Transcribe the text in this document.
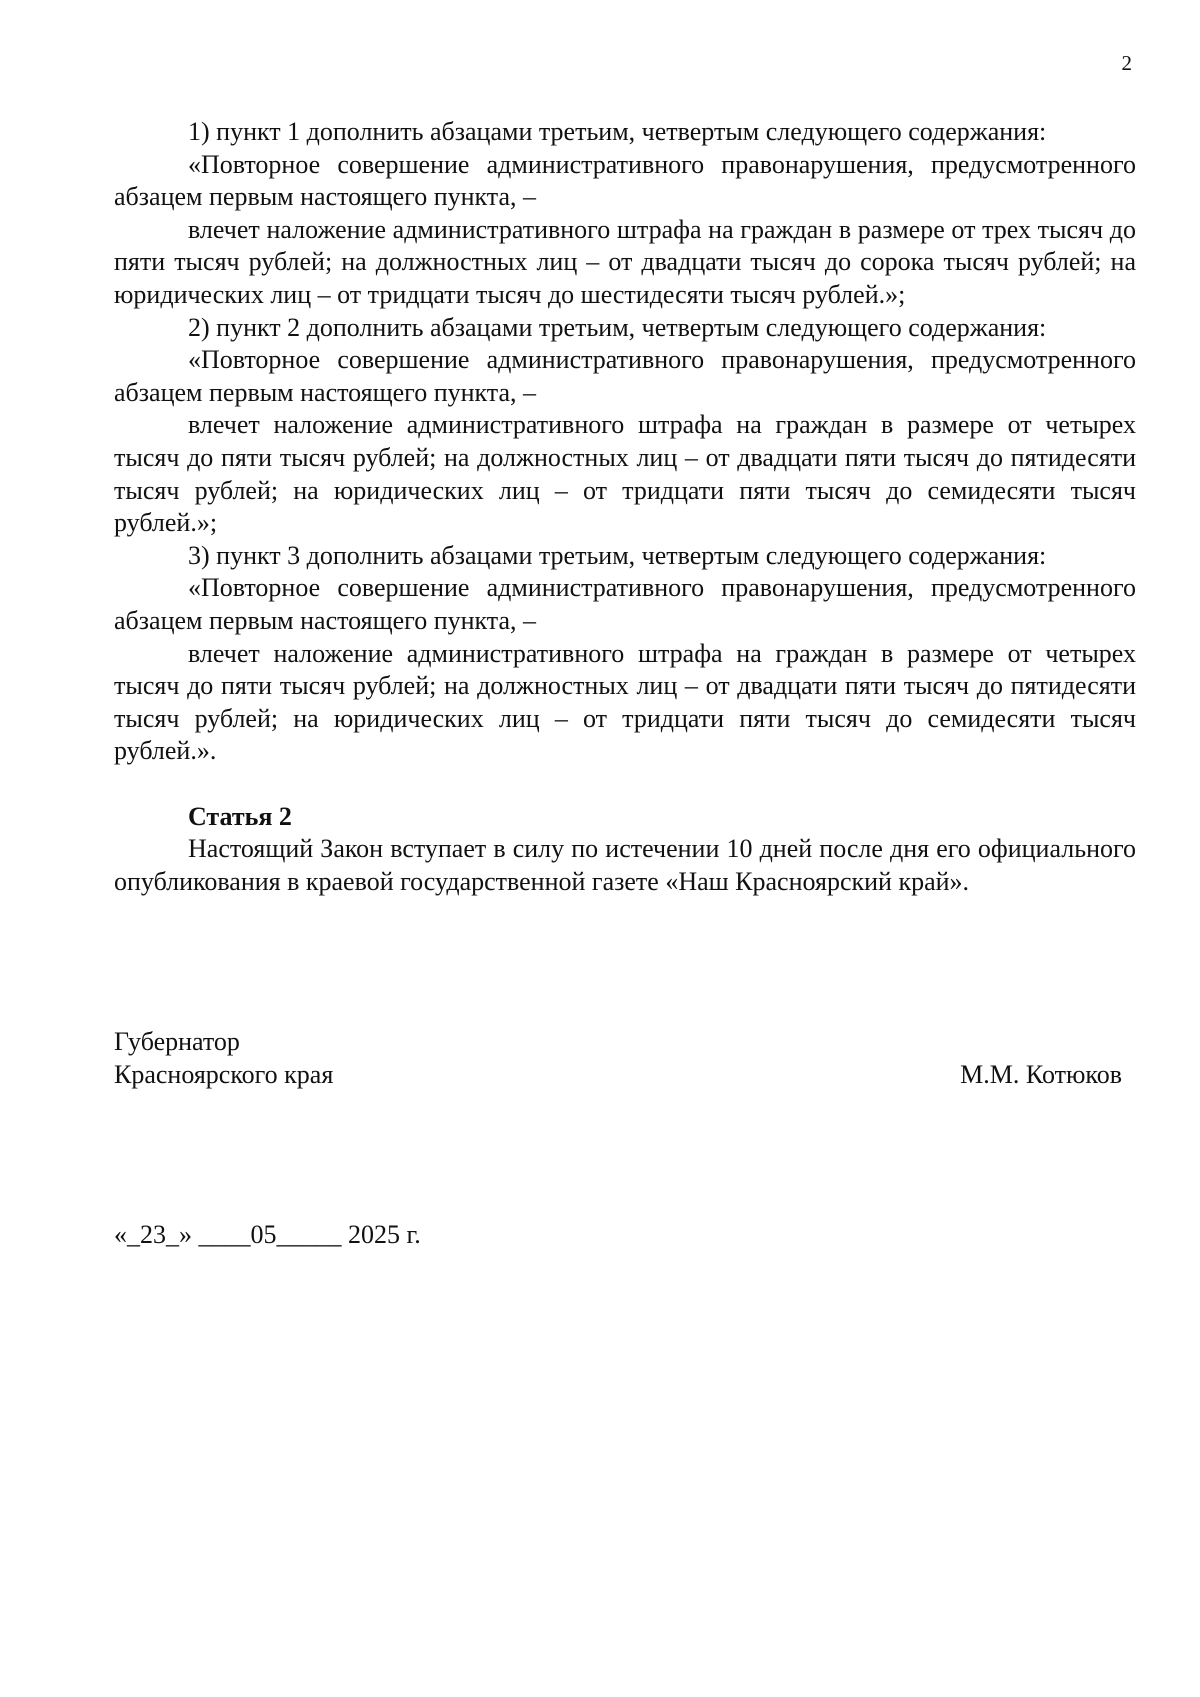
2

1) пункт 1 дополнить абзацами третьим, четвертым следующего содержания:

«Повторное совершение административного правонарушения, предусмотренного абзацем первым настоящего пункта, –

влечет наложение административного штрафа на граждан в размере от трех тысяч до пяти тысяч рублей; на должностных лиц – от двадцати тысяч до сорока тысяч рублей; на юридических лиц – от тридцати тысяч до шестидесяти тысяч рублей.»;

2) пункт 2 дополнить абзацами третьим, четвертым следующего содержания:

«Повторное совершение административного правонарушения, предусмотренного абзацем первым настоящего пункта, –

влечет наложение административного штрафа на граждан в размере от четырех тысяч до пяти тысяч рублей; на должностных лиц – от двадцати пяти тысяч до пятидесяти тысяч рублей; на юридических лиц – от тридцати пяти тысяч до семидесяти тысяч рублей.»;

3) пункт 3 дополнить абзацами третьим, четвертым следующего содержания:

«Повторное совершение административного правонарушения, предусмотренного абзацем первым настоящего пункта, –

влечет наложение административного штрафа на граждан в размере от четырех тысяч до пяти тысяч рублей; на должностных лиц – от двадцати пяти тысяч до пятидесяти тысяч рублей; на юридических лиц – от тридцати пяти тысяч до семидесяти тысяч рублей.».

Статья 2

Настоящий Закон вступает в силу по истечении 10 дней после дня его официального опубликования в краевой государственной газете «Наш Красноярский край».

Губернатор
Красноярского края	М.М. Котюков
«_23_» ____05_____ 2025 г.
